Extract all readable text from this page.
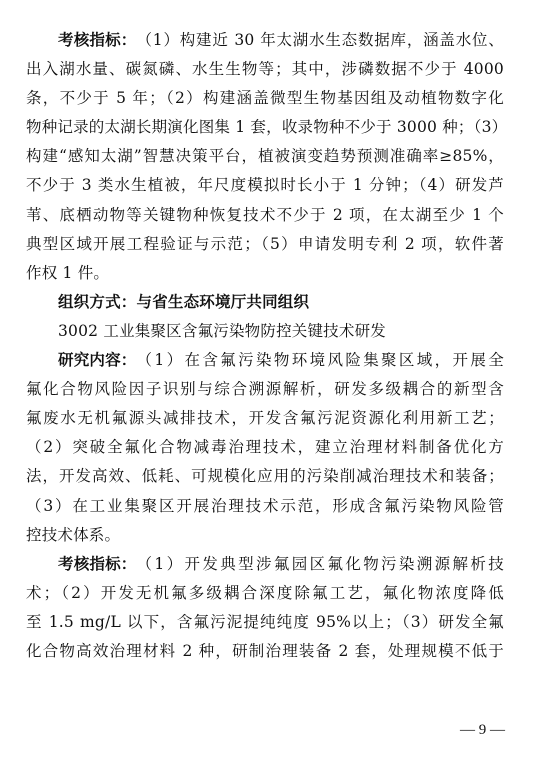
考核指标： （1）构建近 30 年太湖水生态数据库，涵盖水位、
出入湖水量、碳氮磷、水生生物等；其中，涉磷数据不少于 4000
条，不少于 5 年；（2）构建涵盖微型生物基因组及动植物数字化
物种记录的太湖长期演化图集 1 套，收录物种不少于 3000 种；（3）
构建“感知太湖”智慧决策平台，植被演变趋势预测准确率≥85%，
不少于 3 类水生植被，年尺度模拟时长小于 1 分钟；（4）研发芦
苇、底栖动物等关键物种恢复技术不少于 2 项，在太湖至少 1 个
典型区域开展工程验证与示范；（5）申请发明专利 2 项，软件著
作权 1 件。
组织方式：与省生态环境厅共同组织
3002 工业集聚区含氟污染物防控关键技术研发
研究内容： （1）在含氟污染物环境风险集聚区域，开展全
氟化合物风险因子识别与综合溯源解析，研发多级耦合的新型含
氟废水无机氟源头减排技术，开发含氟污泥资源化利用新工艺；
（2）突破全氟化合物减毒治理技术，建立治理材料制备优化方
法，开发高效、低耗、可规模化应用的污染削减治理技术和装备；
（3）在工业集聚区开展治理技术示范，形成含氟污染物风险管
控技术体系。
考核指标： （1）开发典型涉氟园区氟化物污染溯源解析技
术；（2）开发无机氟多级耦合深度除氟工艺，氟化物浓度降低
至 1.5 mg/L 以下，含氟污泥提纯纯度 95%以上；（3）研发全氟
化合物高效治理材料 2 种，研制治理装备 2 套，处理规模不低于
— 9 —
